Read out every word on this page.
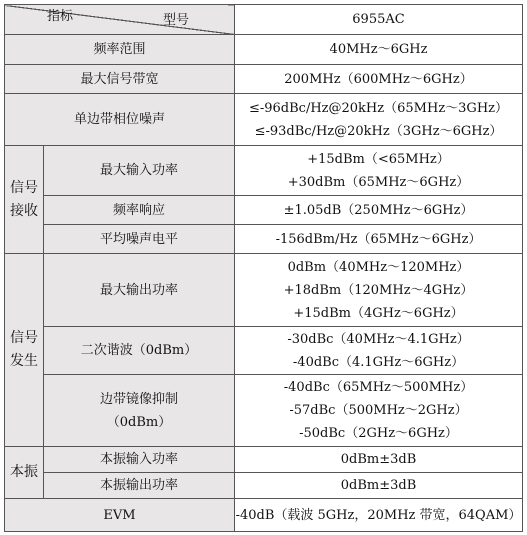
指标 型号		6955AC
频率范围		40MHz～6GHz
最大信号带宽		200MHz（600MHz～6GHz）
单边带相位噪声		≤-96dBc/Hz@20kHz（65MHz～3GHz）
≤-93dBc/Hz@20kHz（3GHz～6GHz）

信号
接收	最大输入功率	+15dBm（<65MHz）
+30dBm（65MHz～6GHz）

	频率响应	±1.05dB（250MHz～6GHz）
	平均噪声电平	-156dBm/Hz（65MHz～6GHz）

信号
发生	最大输出功率	0dBm（40MHz～120MHz）
+18dBm（120MHz～4GHz）
+15dBm（4GHz～6GHz）

	二次谐波（0dBm）	-30dBc（40MHz～4.1GHz）
-40dBc（4.1GHz～6GHz）

	边带镜像抑制
（0dBm）	-40dBc（65MHz～500MHz）
-57dBc（500MHz～2GHz）
-50dBc（2GHz～6GHz）

本振	本振输入功率	0dBm±3dB
	本振输出功率	0dBm±3dB
EVM		-40dB（载波 5GHz，20MHz 带宽，64QAM）
